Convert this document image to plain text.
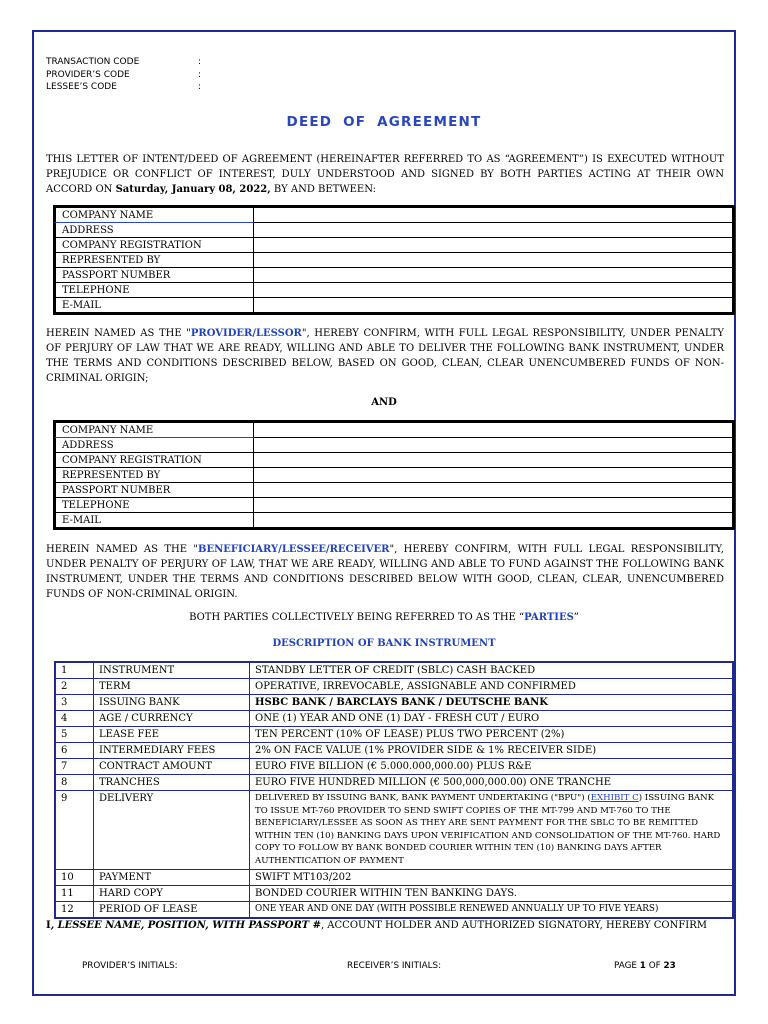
TRANSACTION CODE	:
PROVIDER’S CODE	:
LESSEE’S CODE	:
DEED OF AGREEMENT
THIS LETTER OF INTENT/DEED OF AGREEMENT (HEREINAFTER REFERRED TO AS “AGREEMENT”) IS EXECUTED WITHOUT PREJUDICE OR CONFLICT OF INTEREST, DULY UNDERSTOOD AND SIGNED BY BOTH PARTIES ACTING AT THEIR OWN ACCORD ON Saturday, January 08, 2022, BY AND BETWEEN:
COMPANY NAME	
ADDRESS	
COMPANY REGISTRATION	
REPRESENTED BY	
PASSPORT NUMBER	
TELEPHONE	
E-MAIL	
HEREIN NAMED AS THE "PROVIDER/LESSOR", HEREBY CONFIRM, WITH FULL LEGAL RESPONSIBILITY, UNDER PENALTY OF PERJURY OF LAW THAT WE ARE READY, WILLING AND ABLE TO DELIVER THE FOLLOWING BANK INSTRUMENT, UNDER THE TERMS AND CONDITIONS DESCRIBED BELOW, BASED ON GOOD, CLEAN, CLEAR UNENCUMBERED FUNDS OF NON-CRIMINAL ORIGIN;
AND
COMPANY NAME	
ADDRESS	
COMPANY REGISTRATION	
REPRESENTED BY	
PASSPORT NUMBER	
TELEPHONE	
E-MAIL	
HEREIN NAMED AS THE "BENEFICIARY/LESSEE/RECEIVER", HEREBY CONFIRM, WITH FULL LEGAL RESPONSIBILITY, UNDER PENALTY OF PERJURY OF LAW, THAT WE ARE READY, WILLING AND ABLE TO FUND AGAINST THE FOLLOWING BANK INSTRUMENT, UNDER THE TERMS AND CONDITIONS DESCRIBED BELOW WITH GOOD, CLEAN, CLEAR, UNENCUMBERED FUNDS OF NON-CRIMINAL ORIGIN.
BOTH PARTIES COLLECTIVELY BEING REFERRED TO AS THE “PARTIES”
DESCRIPTION OF BANK INSTRUMENT
1	INSTRUMENT	STANDBY LETTER OF CREDIT (SBLC) CASH BACKED
2	TERM	OPERATIVE, IRREVOCABLE, ASSIGNABLE AND CONFIRMED
3	ISSUING BANK	HSBC BANK / BARCLAYS BANK / DEUTSCHE BANK
4	AGE / CURRENCY	ONE (1) YEAR AND ONE (1) DAY - FRESH CUT / EURO
5	LEASE FEE	TEN PERCENT (10% OF LEASE) PLUS TWO PERCENT (2%)
6	INTERMEDIARY FEES	2% ON FACE VALUE (1% PROVIDER SIDE & 1% RECEIVER SIDE)
7	CONTRACT AMOUNT	EURO FIVE BILLION (€ 5.000.000,000.00) PLUS R&E
8	TRANCHES	EURO FIVE HUNDRED MILLION (€ 500,000,000.00) ONE TRANCHE
9	DELIVERY	DELIVERED BY ISSUING BANK, BANK PAYMENT UNDERTAKING ("BPU") (EXHIBIT C) ISSUING BANK TO ISSUE MT-760 PROVIDER TO SEND SWIFT COPIES OF THE MT-799 AND MT-760 TO THE BENEFICIARY/LESSEE AS SOON AS THEY ARE SENT PAYMENT FOR THE SBLC TO BE REMITTED WITHIN TEN (10) BANKING DAYS UPON VERIFICATION AND CONSOLIDATION OF THE MT-760. HARD COPY TO FOLLOW BY BANK BONDED COURIER WITHIN TEN (10) BANKING DAYS AFTER AUTHENTICATION OF PAYMENT
10	PAYMENT	SWIFT MT103/202
11	HARD COPY	BONDED COURIER WITHIN TEN BANKING DAYS.
12	PERIOD OF LEASE	ONE YEAR AND ONE DAY (WITH POSSIBLE RENEWED ANNUALLY UP TO FIVE YEARS)
I, LESSEE NAME, POSITION, WITH PASSPORT #, ACCOUNT HOLDER AND AUTHORIZED SIGNATORY, HEREBY CONFIRM
PROVIDER’S INITIALS:	RECEIVER’S INITIALS:	PAGE 1 OF 23
